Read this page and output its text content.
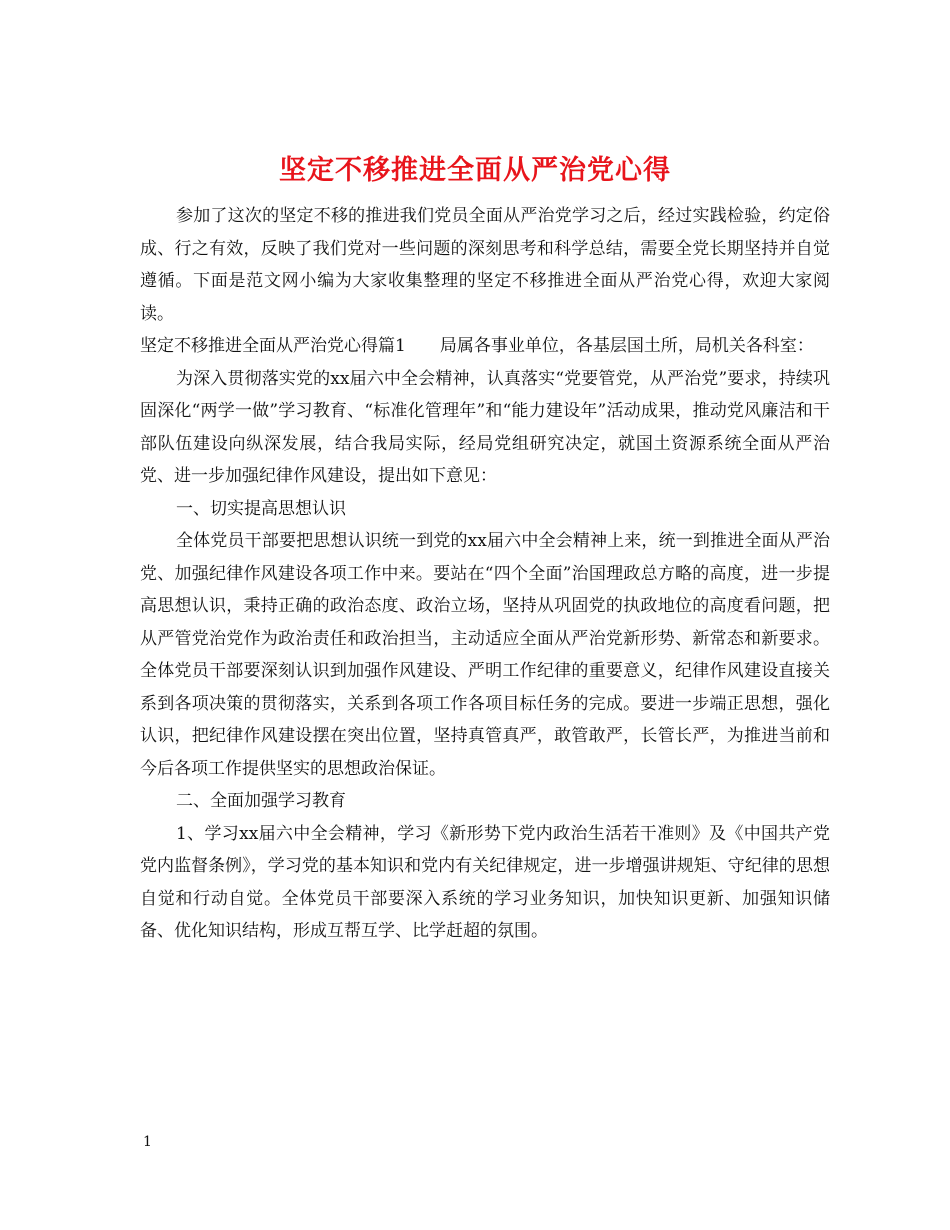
坚定不移推进全面从严治党心得

参加了这次的坚定不移的推进我们党员全面从严治党学习之后，经过实践检验，约定俗成、行之有效，反映了我们党对一些问题的深刻思考和科学总结，需要全党长期坚持并自觉遵循。下面是范文网小编为大家收集整理的坚定不移推进全面从严治党心得，欢迎大家阅读。

坚定不移推进全面从严治党心得篇1　　局属各事业单位，各基层国土所，局机关各科室：

为深入贯彻落实党的xx届六中全会精神，认真落实“党要管党，从严治党”要求，持续巩固深化“两学一做”学习教育、“标准化管理年”和“能力建设年”活动成果，推动党风廉洁和干部队伍建设向纵深发展，结合我局实际，经局党组研究决定，就国土资源系统全面从严治党、进一步加强纪律作风建设，提出如下意见：

一、切实提高思想认识

全体党员干部要把思想认识统一到党的xx届六中全会精神上来，统一到推进全面从严治党、加强纪律作风建设各项工作中来。要站在“四个全面”治国理政总方略的高度，进一步提高思想认识，秉持正确的政治态度、政治立场，坚持从巩固党的执政地位的高度看问题，把从严管党治党作为政治责任和政治担当，主动适应全面从严治党新形势、新常态和新要求。全体党员干部要深刻认识到加强作风建设、严明工作纪律的重要意义，纪律作风建设直接关系到各项决策的贯彻落实，关系到各项工作各项目标任务的完成。要进一步端正思想，强化认识，把纪律作风建设摆在突出位置，坚持真管真严，敢管敢严，长管长严，为推进当前和今后各项工作提供坚实的思想政治保证。

二、全面加强学习教育

1、学习xx届六中全会精神，学习《新形势下党内政治生活若干准则》及《中国共产党党内监督条例》，学习党的基本知识和党内有关纪律规定，进一步增强讲规矩、守纪律的思想自觉和行动自觉。全体党员干部要深入系统的学习业务知识，加快知识更新、加强知识储备、优化知识结构，形成互帮互学、比学赶超的氛围。

1
